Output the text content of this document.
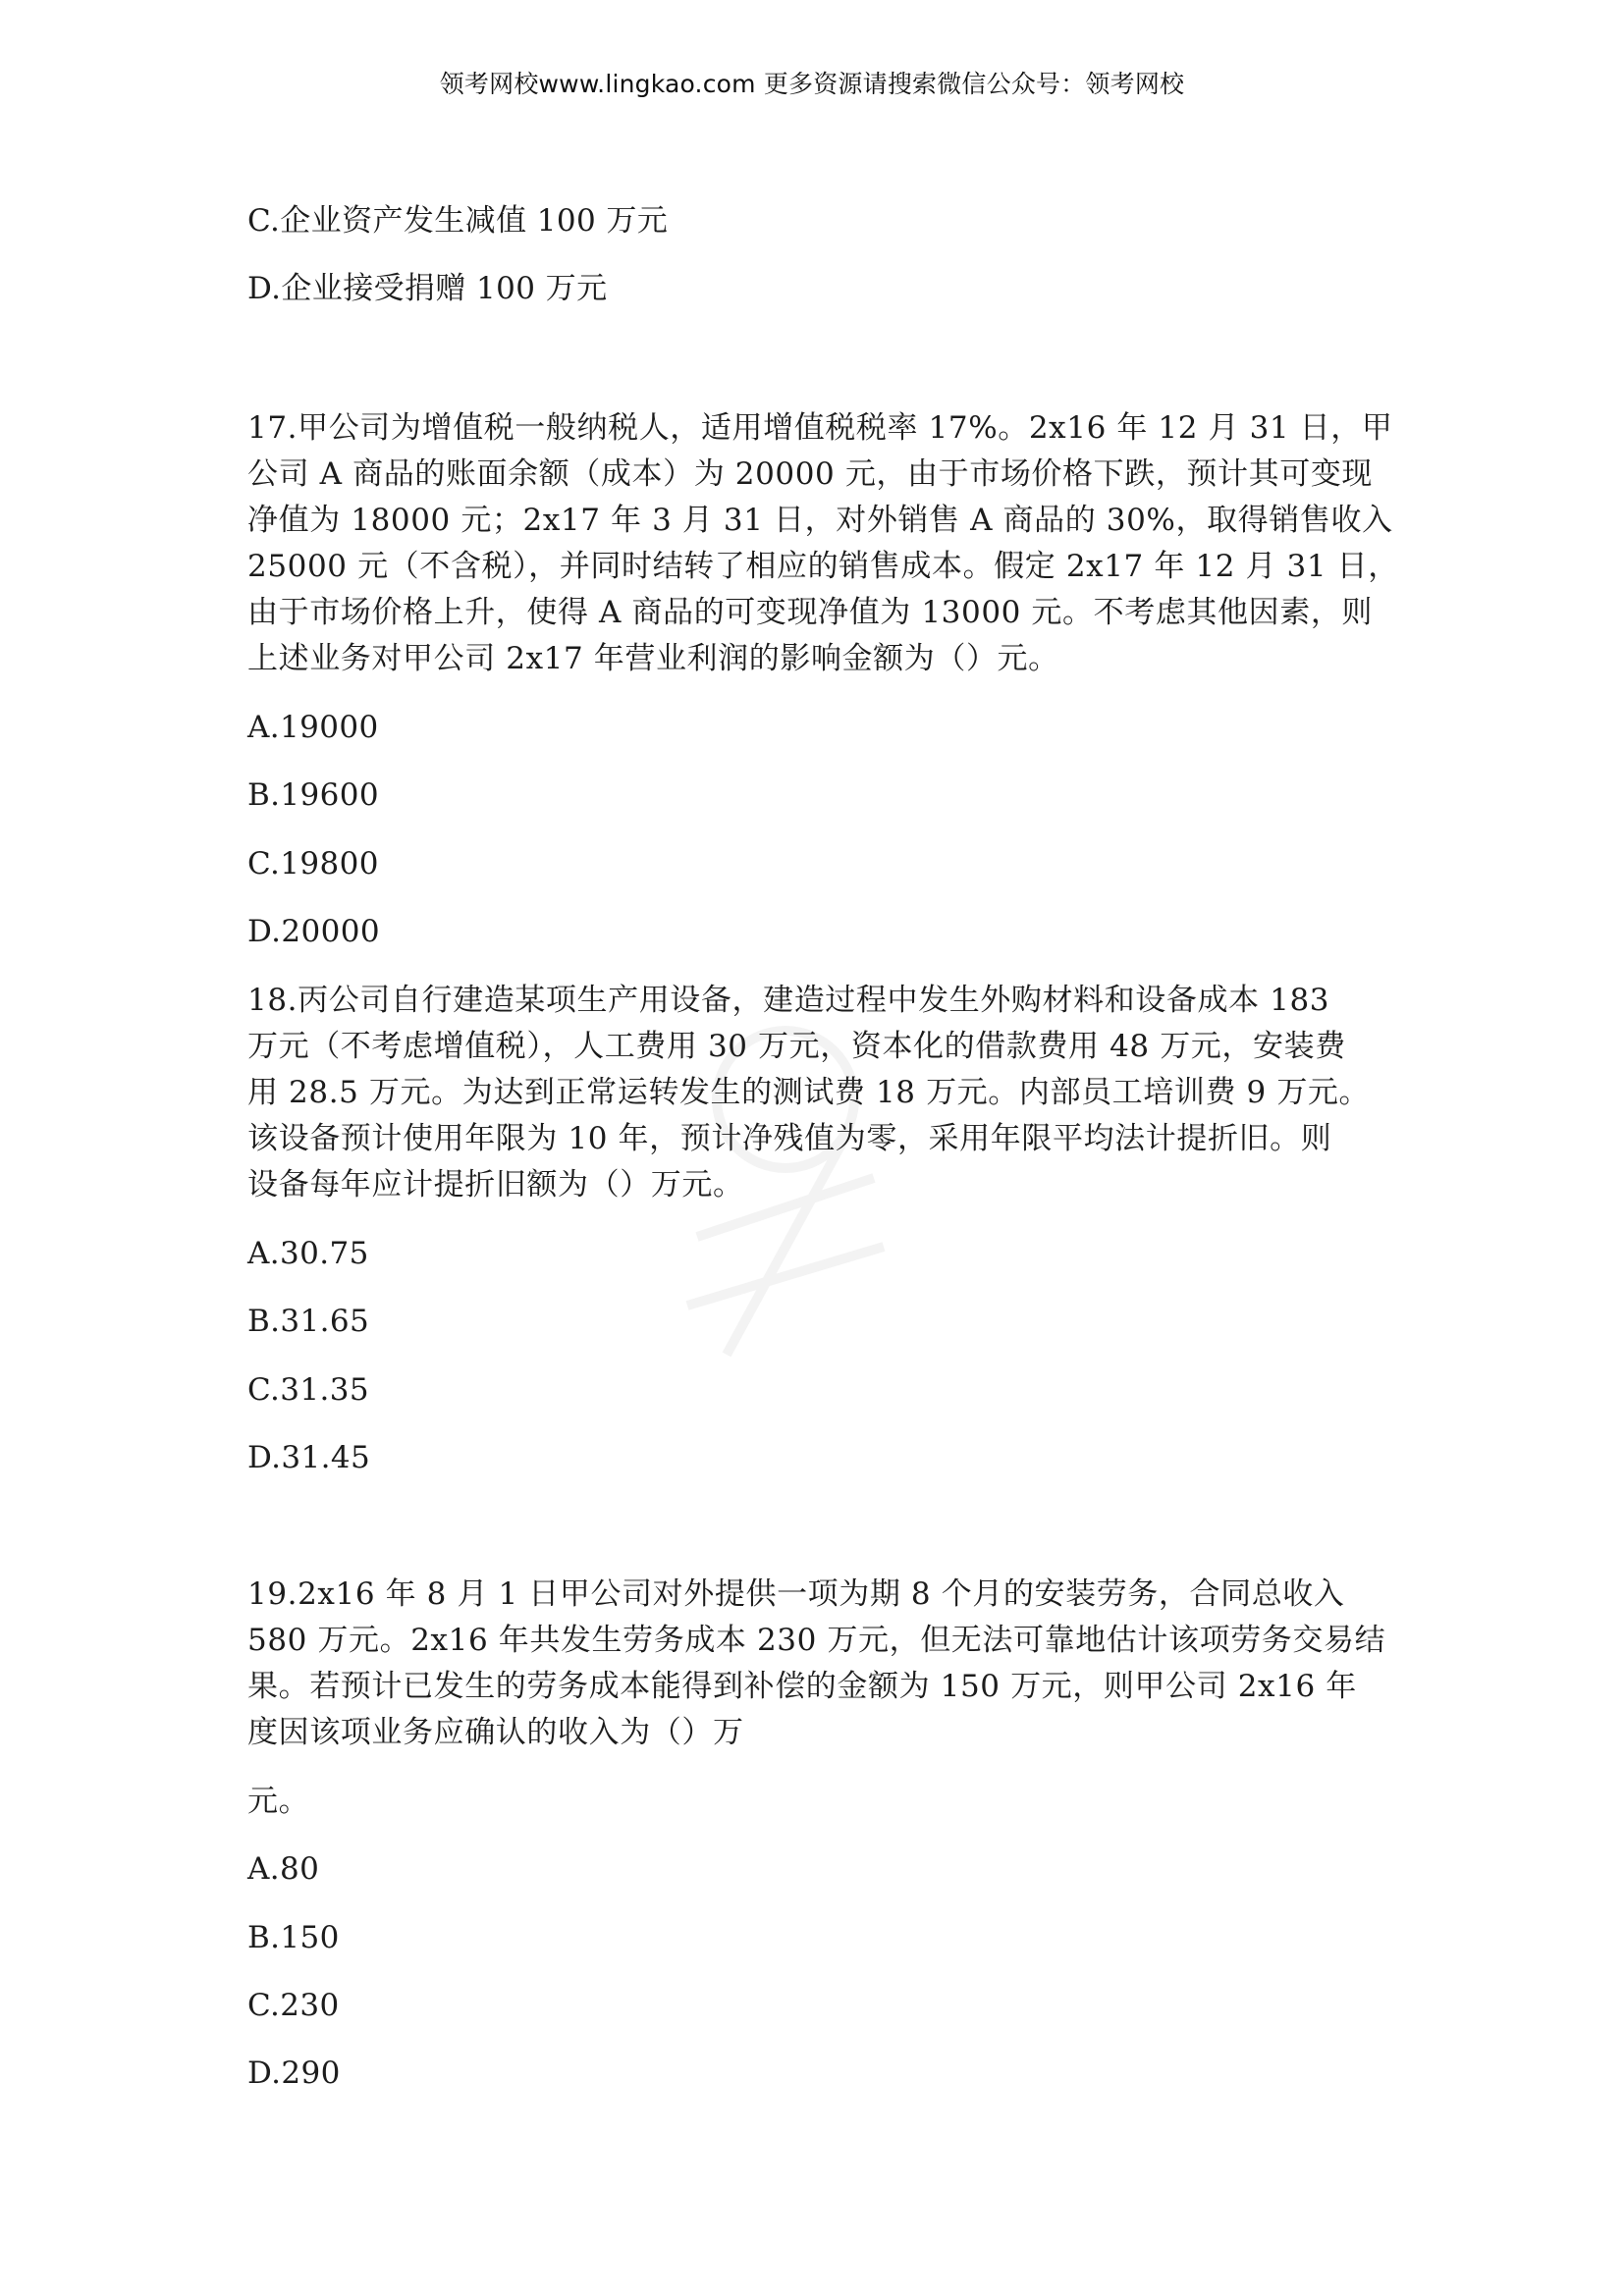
领考网校www.lingkao.com 更多资源请搜索微信公众号：领考网校
C.企业资产发生减值 100 万元
D.企业接受捐赠 100 万元
17.甲公司为增值税一般纳税人，适用增值税税率 17%。2x16 年 12 月 31 日，甲
公司 A 商品的账面余额（成本）为 20000 元，由于市场价格下跌，预计其可变现
净值为 18000 元；2x17 年 3 月 31 日，对外销售 A 商品的 30%，取得销售收入
25000 元（不含税），并同时结转了相应的销售成本。假定 2x17 年 12 月 31 日，
由于市场价格上升，使得 A 商品的可变现净值为 13000 元。不考虑其他因素，则
上述业务对甲公司 2x17 年营业利润的影响金额为（）元。
A.19000
B.19600
C.19800
D.20000
18.丙公司自行建造某项生产用设备，建造过程中发生外购材料和设备成本 183
万元（不考虑增值税），人工费用 30 万元，资本化的借款费用 48 万元，安装费
用 28.5 万元。为达到正常运转发生的测试费 18 万元。内部员工培训费 9 万元。
该设备预计使用年限为 10 年，预计净残值为零，采用年限平均法计提折旧。则
设备每年应计提折旧额为（）万元。
A.30.75
B.31.65
C.31.35
D.31.45
19.2x16 年 8 月 1 日甲公司对外提供一项为期 8 个月的安装劳务，合同总收入
580 万元。2x16 年共发生劳务成本 230 万元，但无法可靠地估计该项劳务交易结
果。若预计已发生的劳务成本能得到补偿的金额为 150 万元，则甲公司 2x16 年
度因该项业务应确认的收入为（）万
元。
A.80
B.150
C.230
D.290
